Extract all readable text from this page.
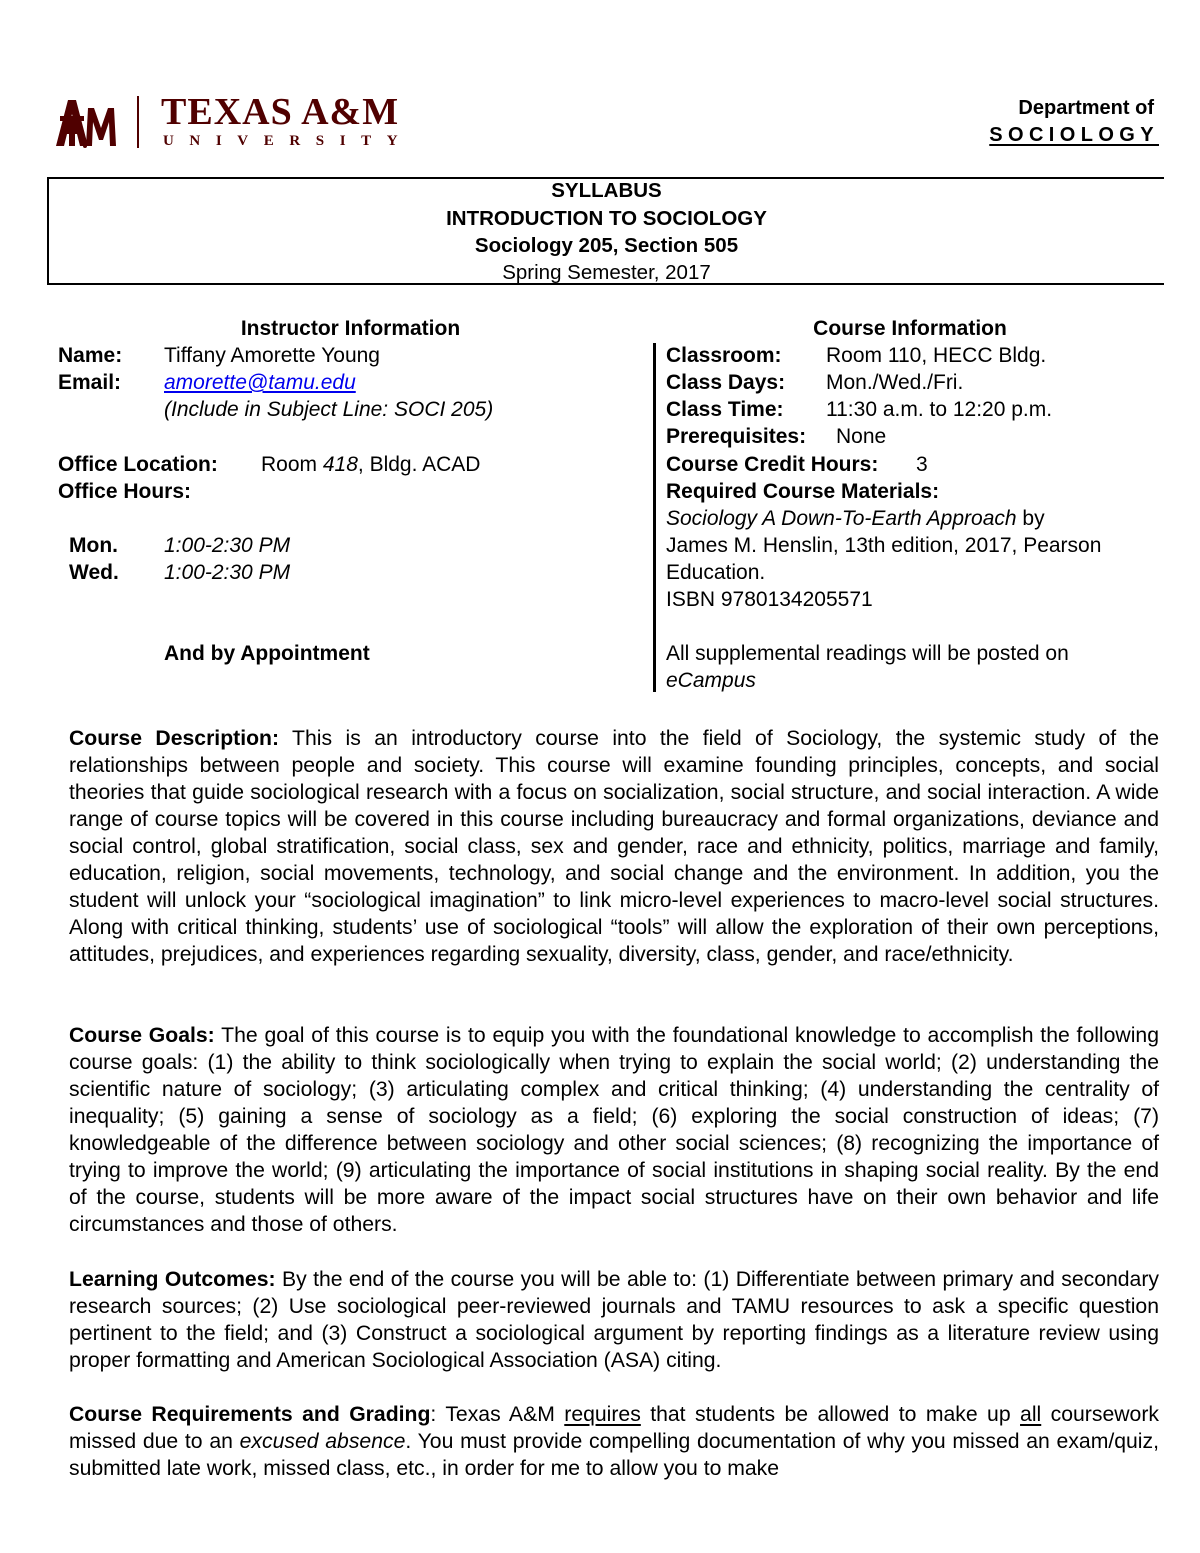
TEXAS A&M
UNIVERSITY
Department of
SOCIOLOGY
SYLLABUS
INTRODUCTION TO SOCIOLOGY
Sociology 205, Section 505
Spring Semester, 2017
Instructor Information
Name: Tiffany Amorette Young
Email: amorette@tamu.edu
(Include in Subject Line: SOCI 205)
Office Location: Room 418, Bldg. ACAD
Office Hours:
Mon. 1:00-2:30 PM
Wed. 1:00-2:30 PM
And by Appointment
Course Information
Classroom: Room 110, HECC Bldg.
Class Days: Mon./Wed./Fri.
Class Time: 11:30 a.m. to 12:20 p.m.
Prerequisites: None
Course Credit Hours: 3
Required Course Materials:
Sociology A Down-To-Earth Approach by
James M. Henslin, 13th edition, 2017, Pearson
Education.
ISBN 9780134205571
All supplemental readings will be posted on
eCampus
Course Description: This is an introductory course into the field of Sociology, the systemic study of the relationships between people and society. This course will examine founding principles, concepts, and social theories that guide sociological research with a focus on socialization, social structure, and social interaction. A wide range of course topics will be covered in this course including bureaucracy and formal organizations, deviance and social control, global stratification, social class, sex and gender, race and ethnicity, politics, marriage and family, education, religion, social movements, technology, and social change and the environment. In addition, you the student will unlock your “sociological imagination” to link micro-level experiences to macro-level social structures. Along with critical thinking, students’ use of sociological “tools” will allow the exploration of their own perceptions, attitudes, prejudices, and experiences regarding sexuality, diversity, class, gender, and race/ethnicity.
Course Goals: The goal of this course is to equip you with the foundational knowledge to accomplish the following course goals: (1) the ability to think sociologically when trying to explain the social world; (2) understanding the scientific nature of sociology; (3) articulating complex and critical thinking; (4) understanding the centrality of inequality; (5) gaining a sense of sociology as a field; (6) exploring the social construction of ideas; (7) knowledgeable of the difference between sociology and other social sciences; (8) recognizing the importance of trying to improve the world; (9) articulating the importance of social institutions in shaping social reality. By the end of the course, students will be more aware of the impact social structures have on their own behavior and life circumstances and those of others.
Learning Outcomes: By the end of the course you will be able to: (1) Differentiate between primary and secondary research sources; (2) Use sociological peer-reviewed journals and TAMU resources to ask a specific question pertinent to the field; and (3) Construct a sociological argument by reporting findings as a literature review using proper formatting and American Sociological Association (ASA) citing.
Course Requirements and Grading: Texas A&M requires that students be allowed to make up all coursework missed due to an excused absence. You must provide compelling documentation of why you missed an exam/quiz, submitted late work, missed class, etc., in order for me to allow you to make
